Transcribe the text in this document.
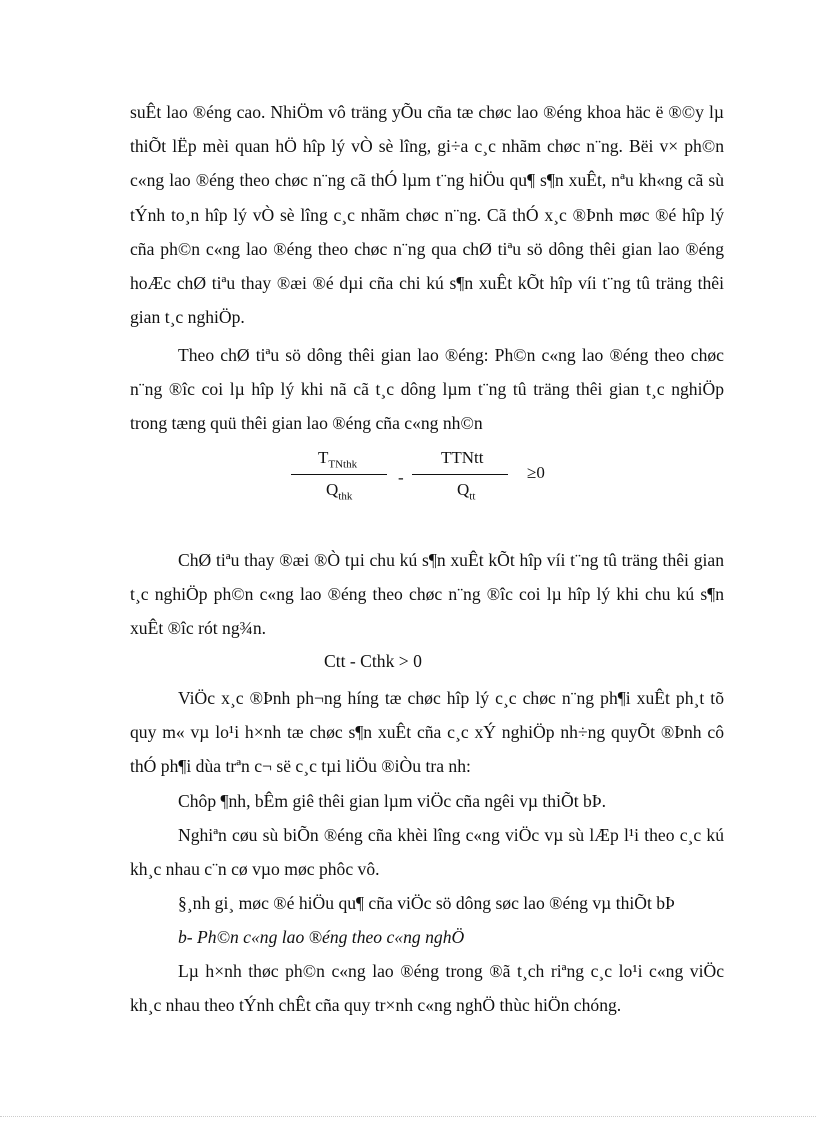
suÊt lao ®éng cao. NhiÖm vô träng yÕu cña tæ chøc lao ®éng khoa häc ë ®©y lµ thiÕt lËp mèi quan hÖ hîp lý vÒ sè lîng, gi÷a c¸c nhãm chøc n¨ng. Bëi v× ph©n c«ng lao ®éng theo chøc n¨ng cã thÓ lµm t¨ng hiÖu qu¶ s¶n xuÊt, nªu kh«ng cã sù tÝnh to¸n hîp lý vÒ sè lîng c¸c nhãm chøc n¨ng. Cã thÓ x¸c ®Þnh møc ®é hîp lý cña ph©n c«ng lao ®éng theo chøc n¨ng qua chØ tiªu sö dông thêi gian lao ®éng hoÆc chØ tiªu thay ®æi ®é dµi cña chi kú s¶n xuÊt kÕt hîp víi t¨ng tû träng thêi gian t¸c nghiÖp.
Theo chØ tiªu sö dông thêi gian lao ®éng: Ph©n c«ng lao ®éng theo chøc n¨ng ®îc coi lµ hîp lý khi nã cã t¸c dông lµm t¨ng tû träng thêi gian t¸c nghiÖp trong tæng quü thêi gian lao ®éng cña c«ng nh©n
$T_{TNthk}$
$Q_{thk}$
-
TTNtt
$Q_{tt}$
≥0
ChØ tiªu thay ®æi ®Ò tµi chu kú s¶n xuÊt kÕt hîp víi t¨ng tû träng thêi gian t¸c nghiÖp ph©n c«ng lao ®éng theo chøc n¨ng ®îc coi lµ hîp lý khi chu kú s¶n xuÊt ®îc rót ng¾n.
Ctt - Cthk > 0
ViÖc x¸c ®Þnh ph¬ng híng tæ chøc hîp lý c¸c chøc n¨ng ph¶i xuÊt ph¸t tõ quy m« vµ lo¹i h×nh tæ chøc s¶n xuÊt cña c¸c xÝ nghiÖp nh÷ng quyÕt ®Þnh cô thÓ ph¶i dùa trªn c¬ së c¸c tµi liÖu ®iÒu tra nh:
Chôp ¶nh, bÊm giê thêi gian lµm viÖc cña ngêi vµ thiÕt bÞ.
Nghiªn cøu sù biÕn ®éng cña khèi lîng c«ng viÖc vµ sù lÆp l¹i theo c¸c kú kh¸c nhau c¨n cø vµo møc phôc vô.
§¸nh gi¸ møc ®é hiÖu qu¶ cña viÖc sö dông søc lao ®éng vµ thiÕt bÞ
b- Ph©n c«ng lao ®éng theo c«ng nghÖ
Lµ h×nh thøc ph©n c«ng lao ®éng trong ®ã t¸ch riªng c¸c lo¹i c«ng viÖc kh¸c nhau theo tÝnh chÊt cña quy tr×nh c«ng nghÖ thùc hiÖn chóng.
